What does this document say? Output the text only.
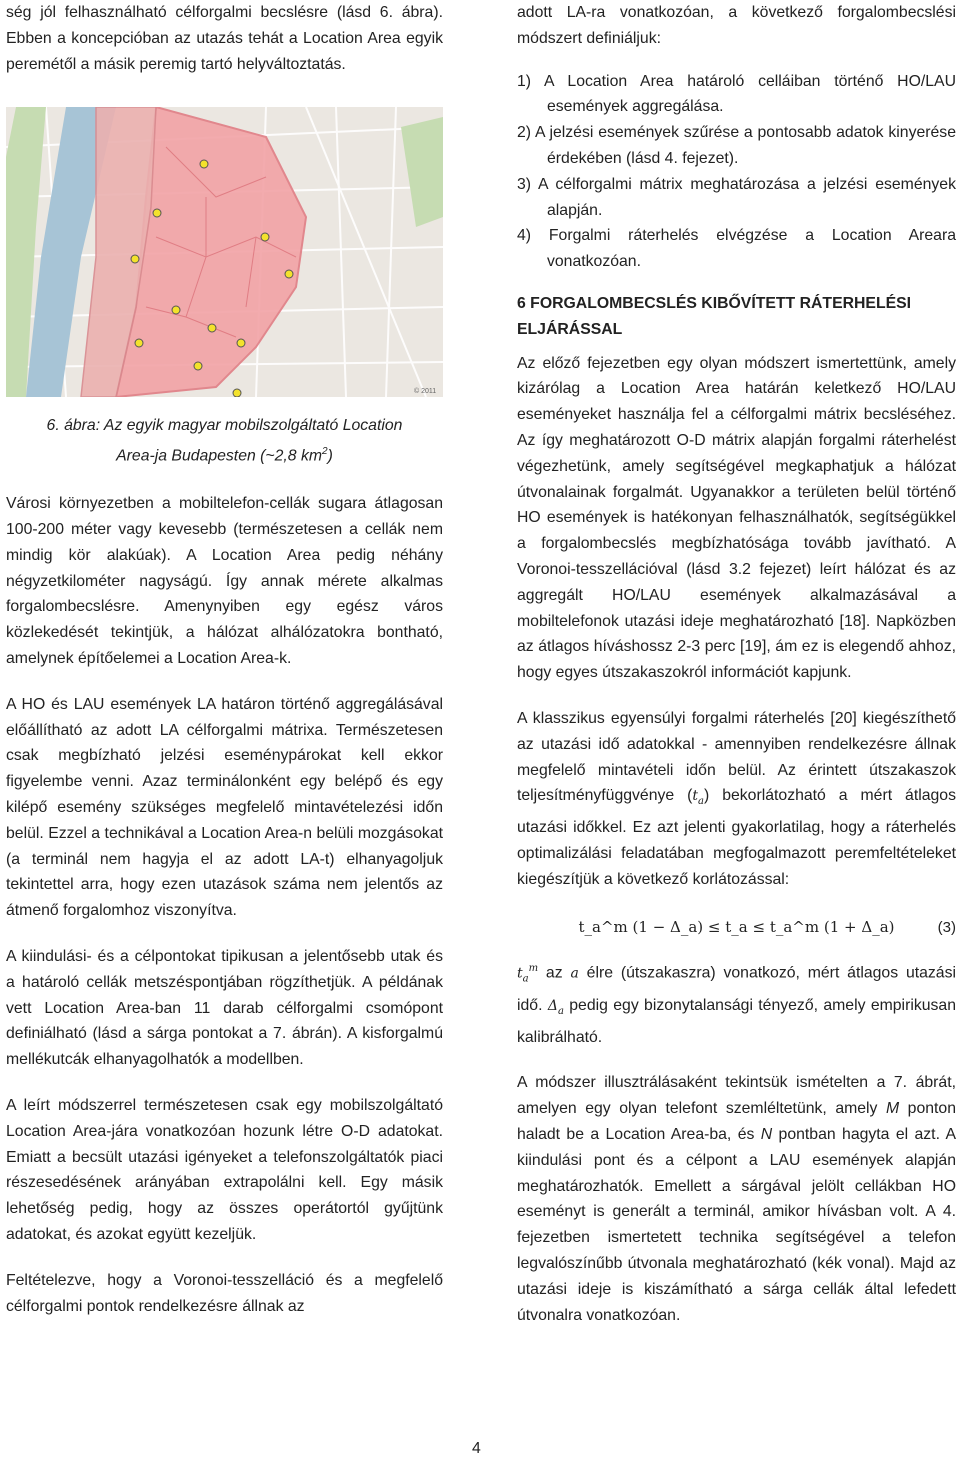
ség jól felhasználható célforgalmi becslésre (lásd 6. ábra). Ebben a koncepcióban az utazás tehát a Location Area egyik peremétől a másik peremig tartó helyváltoztatás.

© 2011
6. ábra: Az egyik magyar mobilszolgáltató Location
Area-ja Budapesten (~2,8 $km^2$)

Városi környezetben a mobiltelefon-cellák sugara átlagosan 100-200 méter vagy kevesebb (természetesen a cellák nem mindig kör alakúak). A Location Area pedig néhány négyzetkilométer nagyságú. Így annak mérete alkalmas forgalombecslésre. Amenynyiben egy egész város közlekedését tekintjük, a hálózat alhálózatokra bontható, amelynek építőelemei a Location Area-k.

A HO és LAU események LA határon történő aggregálásával előállítható az adott LA célforgalmi mátrixa. Természetesen csak megbízható jelzési eseménypárokat kell ekkor figyelembe venni. Azaz terminálonként egy belépő és egy kilépő esemény szükséges megfelelő mintavételezési időn belül. Ezzel a technikával a Location Area-n belüli mozgásokat (a terminál nem hagyja el az adott LA-t) elhanyagoljuk tekintettel arra, hogy ezen utazások száma nem jelentős az átmenő forgalomhoz viszonyítva.

A kiindulási- és a célpontokat tipikusan a jelentősebb utak és a határoló cellák metszéspontjában rögzíthetjük. A példának vett Location Area-ban 11 darab célforgalmi csomópont definiálható (lásd a sárga pontokat a 7. ábrán). A kisforgalmú mellékutcák elhanyagolhatók a modellben.

A leírt módszerrel természetesen csak egy mobilszolgáltató Location Area-jára vonatkozóan hozunk létre O-D adatokat. Emiatt a becsült utazási igényeket a telefonszolgáltatók piaci részesedésének arányában extrapolálni kell. Egy másik lehetőség pedig, hogy az összes operátortól gyűjtünk adatokat, és azokat együtt kezeljük.

Feltételezve, hogy a Voronoi-tesszelláció és a megfelelő célforgalmi pontok rendelkezésre állnak az

adott LA-ra vonatkozóan, a következő forgalombecslési módszert definiáljuk:

1) A Location Area határoló celláiban történő HO/LAU események aggregálása.
2) A jelzési események szűrése a pontosabb adatok kinyerése érdekében (lásd 4. fejezet).
3) A célforgalmi mátrix meghatározása a jelzési események alapján.
4) Forgalmi ráterhelés elvégzése a Location Areara vonatkozóan.
6 FORGALOMBECSLÉS KIBŐVÍTETT RÁTERHELÉSI ELJÁRÁSSAL

Az előző fejezetben egy olyan módszert ismertettünk, amely kizárólag a Location Area határán keletkező HO/LAU eseményeket használja fel a célforgalmi mátrix becsléséhez. Az így meghatározott O-D mátrix alapján forgalmi ráterhelést végezhetünk, amely segítségével megkaphatjuk a hálózat útvonalainak forgalmát. Ugyanakkor a területen belül történő HO események is hatékonyan felhasználhatók, segítségükkel a forgalombecslés megbízhatósága tovább javítható. A Voronoi-tesszellációval (lásd 3.2 fejezet) leírt hálózat és az aggregált HO/LAU események alkalmazásával a mobiltelefonok utazási ideje meghatározható [18]. Napközben az átlagos híváshossz 2-3 perc [19], ám ez is elegendő ahhoz, hogy egyes útszakaszokról információt kapjunk.

A klasszikus egyensúlyi forgalmi ráterhelés [20] kiegészíthető az utazási idő adatokkal - amennyiben rendelkezésre állnak megfelelő mintavételi időn belül. Az érintett útszakaszok teljesítményfüggvénye $(t_a)$ bekorlátozható a mért átlagos utazási időkkel. Ez azt jelenti gyakorlatilag, hogy a ráterhelés optimalizálási feladatában megfogalmazott peremfeltételeket kiegészítjük a következő korlátozással:

t_a^m (1 − Δ_a) ≤ t_a ≤ t_a^m (1 + Δ_a)	(3)

$t_a^m$ az a élre (útszakaszra) vonatkozó, mért átlagos utazási idő. $\Delta_a$ pedig egy bizonytalansági tényező, amely empirikusan kalibrálható.

A módszer illusztrálásaként tekintsük ismételten a 7. ábrát, amelyen egy olyan telefont szemléltetünk, amely M ponton haladt be a Location Area-ba, és N pontban hagyta el azt. A kiindulási pont és a célpont a LAU események alapján meghatározhatók. Emellett a sárgával jelölt cellákban HO eseményt is generált a terminál, amikor hívásban volt. A 4. fejezetben ismertetett technika segítségével a telefon legvalószínűbb útvonala meghatározható (kék vonal). Majd az utazási ideje is kiszámítható a sárga cellák által lefedett útvonalra vonatkozóan.

4
